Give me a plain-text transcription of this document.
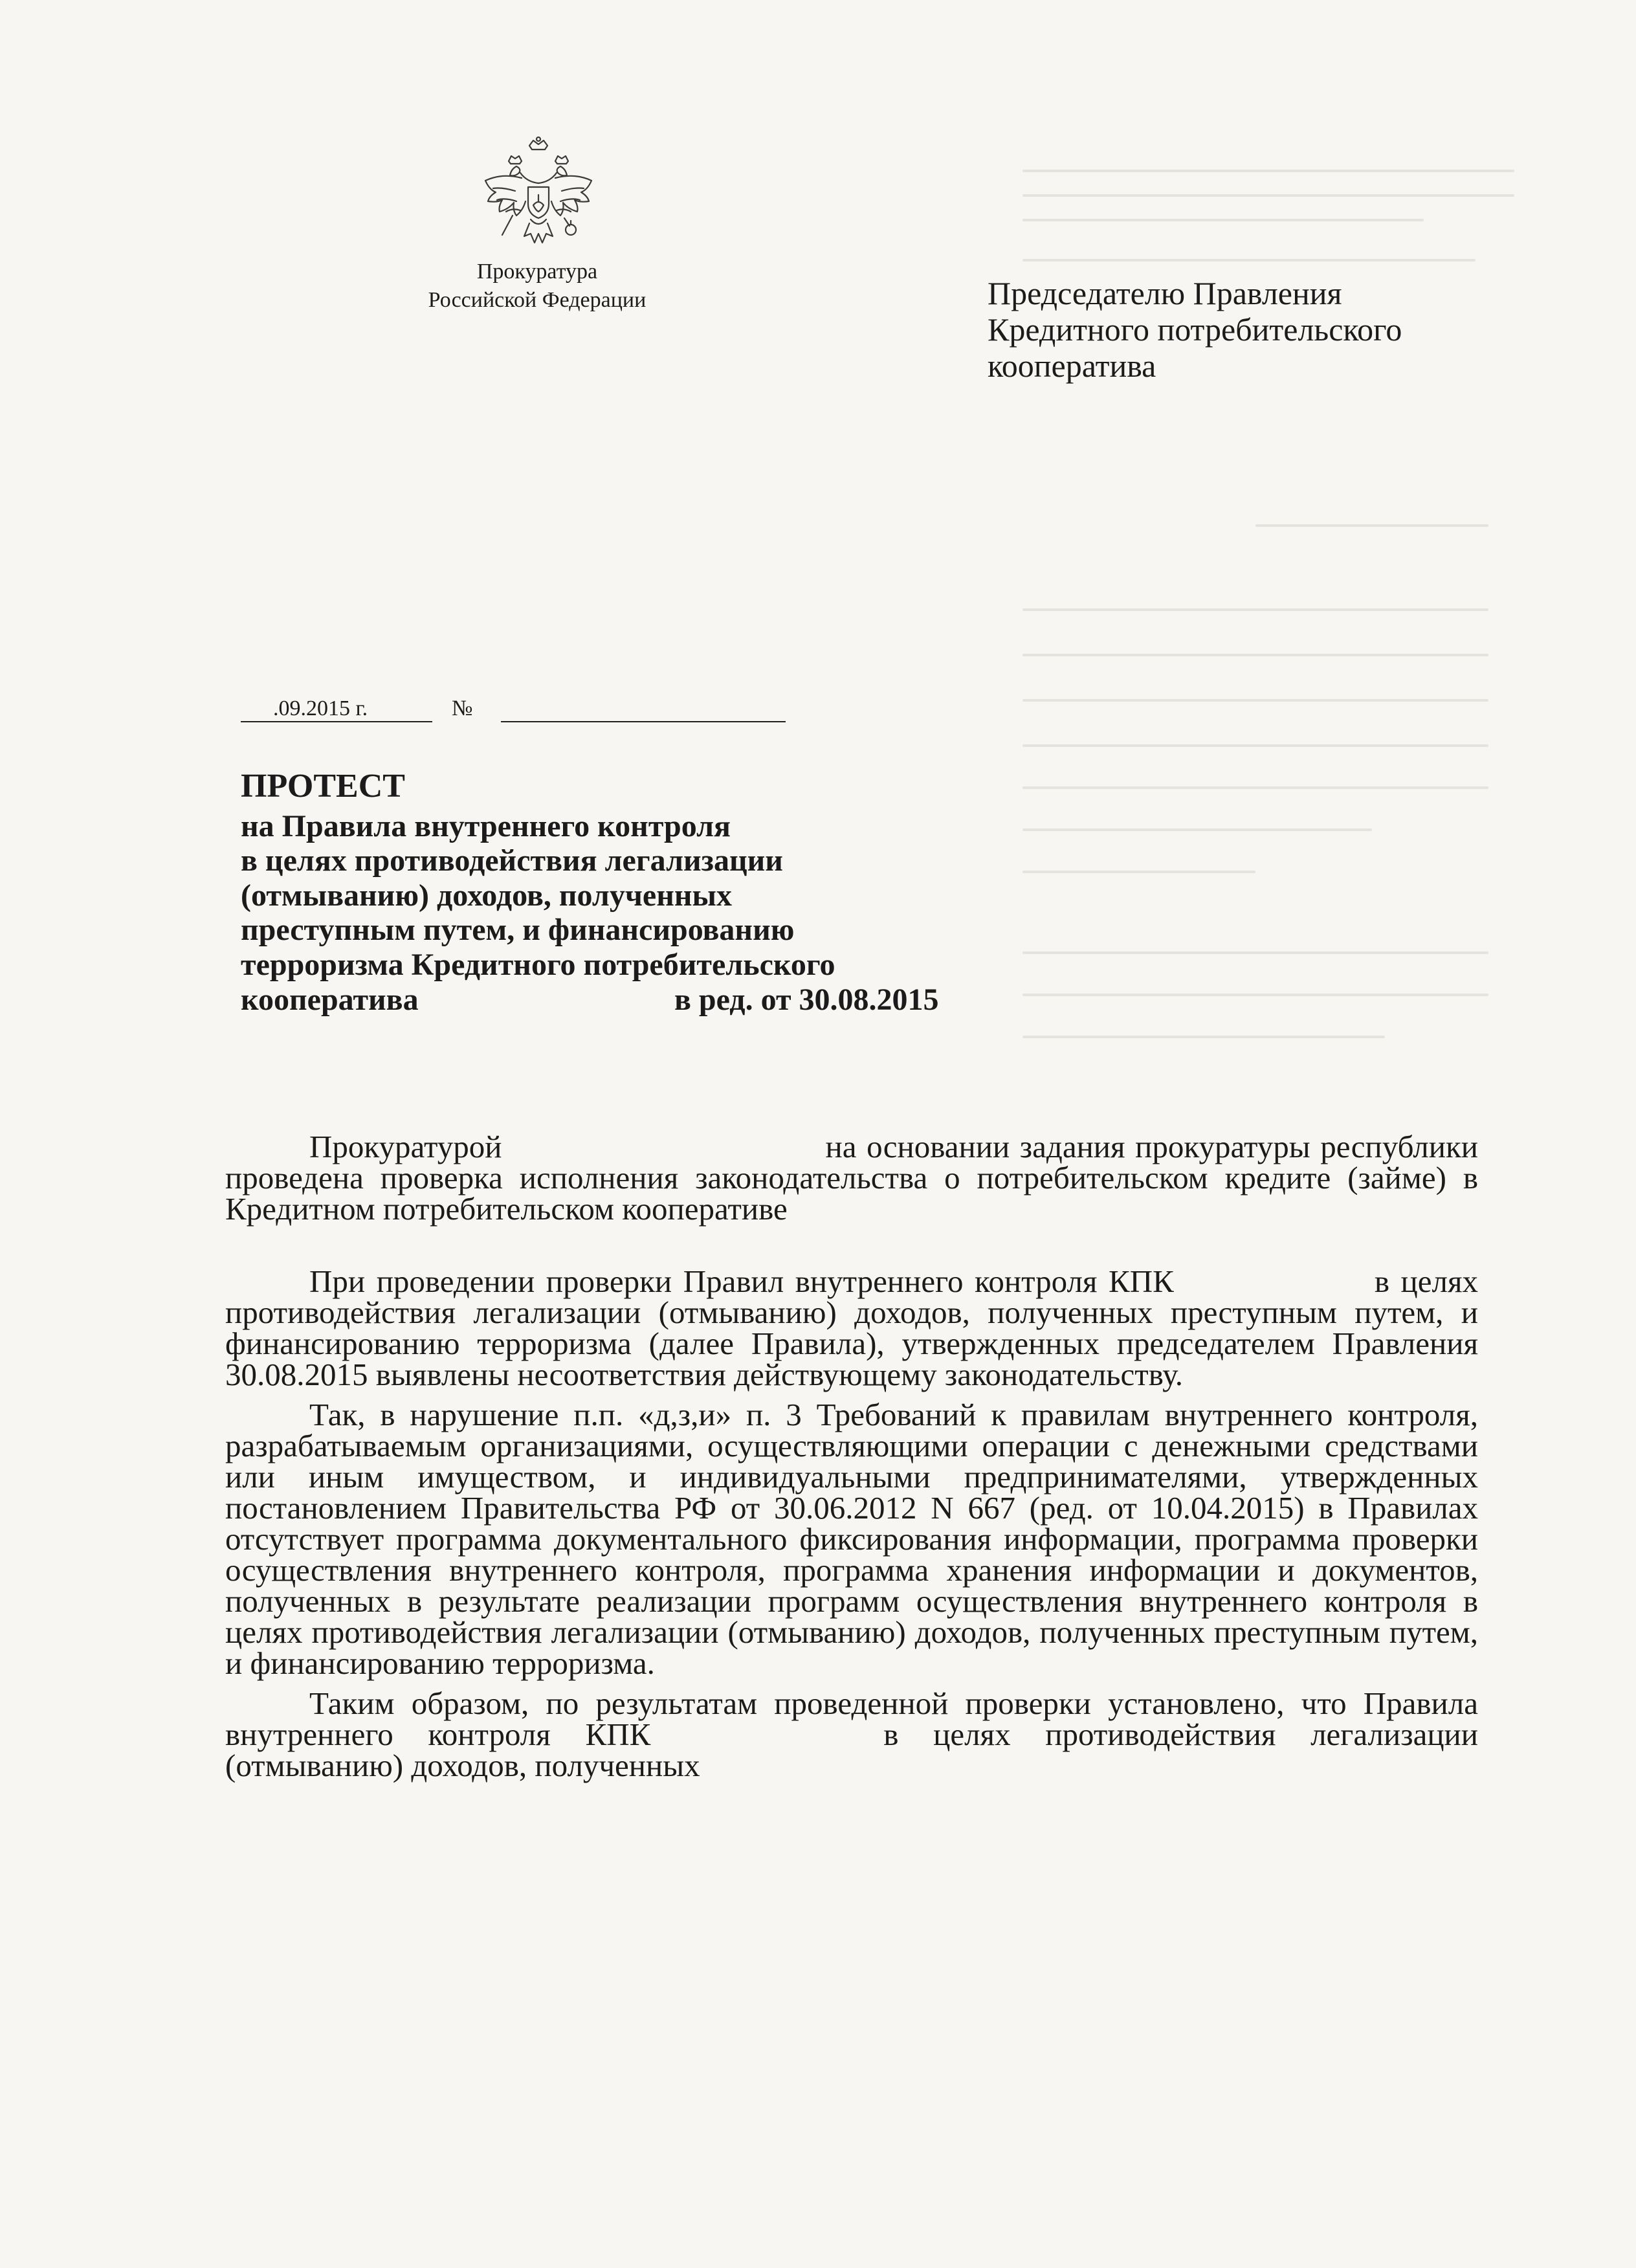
Прокуратура
Российской Федерации	Председателю Правления
Кредитного потребительского
кооператива
.09.2015 г.	№
ПРОТЕСТ
на Правила внутреннего контроля
в целях противодействия легализации
(отмыванию) доходов, полученных
преступным путем, и финансированию
терроризма Кредитного потребительского
кооператива	в ред. от 30.08.2015

Прокуратурой	на основании задания прокуратуры республики проведена проверка исполнения законодательства о потребительском кредите (займе) в Кредитном потребительском кооперативе

При проведении проверки Правил внутреннего контроля КПК	в целях противодействия легализации (отмыванию) доходов, полученных преступным путем, и финансированию терроризма (далее Правила), утвержденных председателем Правления 30.08.2015 выявлены несоответствия действующему законодательству.

Так, в нарушение п.п. «д,з,и» п. 3 Требований к правилам внутреннего контроля, разрабатываемым организациями, осуществляющими операции с денежными средствами или иным имуществом, и индивидуальными предпринимателями, утвержденных постановлением Правительства РФ от 30.06.2012 N 667 (ред. от 10.04.2015) в Правилах отсутствует программа документального фиксирования информации, программа проверки осуществления внутреннего контроля, программа хранения информации и документов, полученных в результате реализации программ осуществления внутреннего контроля в целях противодействия легализации (отмыванию) доходов, полученных преступным путем, и финансированию терроризма.

Таким образом, по результатам проведенной проверки установлено, что Правила внутреннего контроля КПК	в целях противодействия легализации (отмыванию) доходов, полученных
